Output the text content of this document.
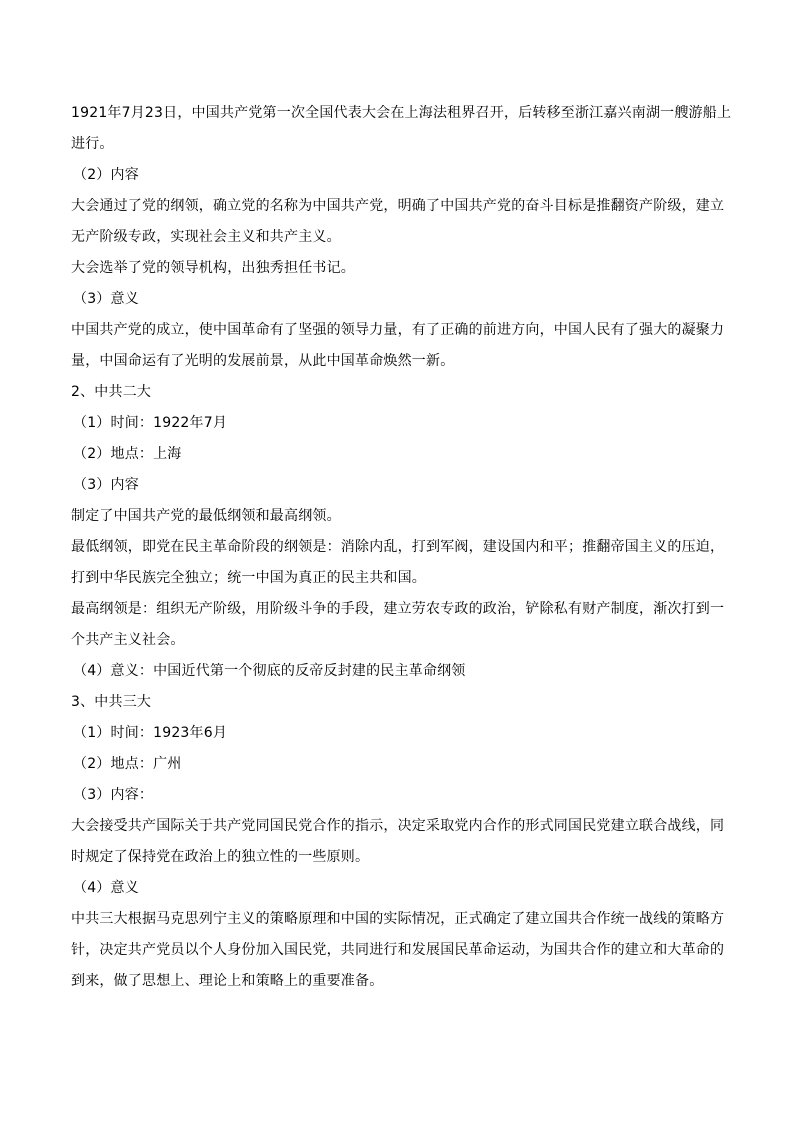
1921年7月23日，中国共产党第一次全国代表大会在上海法租界召开，后转移至浙江嘉兴南湖一艘游船上
进行。
（2）内容
大会通过了党的纲领，确立党的名称为中国共产党，明确了中国共产党的奋斗目标是推翻资产阶级，建立
无产阶级专政，实现社会主义和共产主义。
大会选举了党的领导机构，出独秀担任书记。
（3）意义
中国共产党的成立，使中国革命有了坚强的领导力量，有了正确的前进方向，中国人民有了强大的凝聚力
量，中国命运有了光明的发展前景，从此中国革命焕然一新。
2、中共二大
（1）时间：1922年7月
（2）地点：上海
（3）内容
制定了中国共产党的最低纲领和最高纲领。
最低纲领，即党在民主革命阶段的纲领是：消除内乱，打到军阀，建设国内和平；推翻帝国主义的压迫，
打到中华民族完全独立；统一中国为真正的民主共和国。
最高纲领是：组织无产阶级，用阶级斗争的手段，建立劳农专政的政治，铲除私有财产制度，渐次打到一
个共产主义社会。
（4）意义：中国近代第一个彻底的反帝反封建的民主革命纲领
3、中共三大
（1）时间：1923年6月
（2）地点：广州
（3）内容：
大会接受共产国际关于共产党同国民党合作的指示，决定采取党内合作的形式同国民党建立联合战线，同
时规定了保持党在政治上的独立性的一些原则。
（4）意义
中共三大根据马克思列宁主义的策略原理和中国的实际情况，正式确定了建立国共合作统一战线的策略方
针，决定共产党员以个人身份加入国民党，共同进行和发展国民革命运动，为国共合作的建立和大革命的
到来，做了思想上、理论上和策略上的重要准备。
